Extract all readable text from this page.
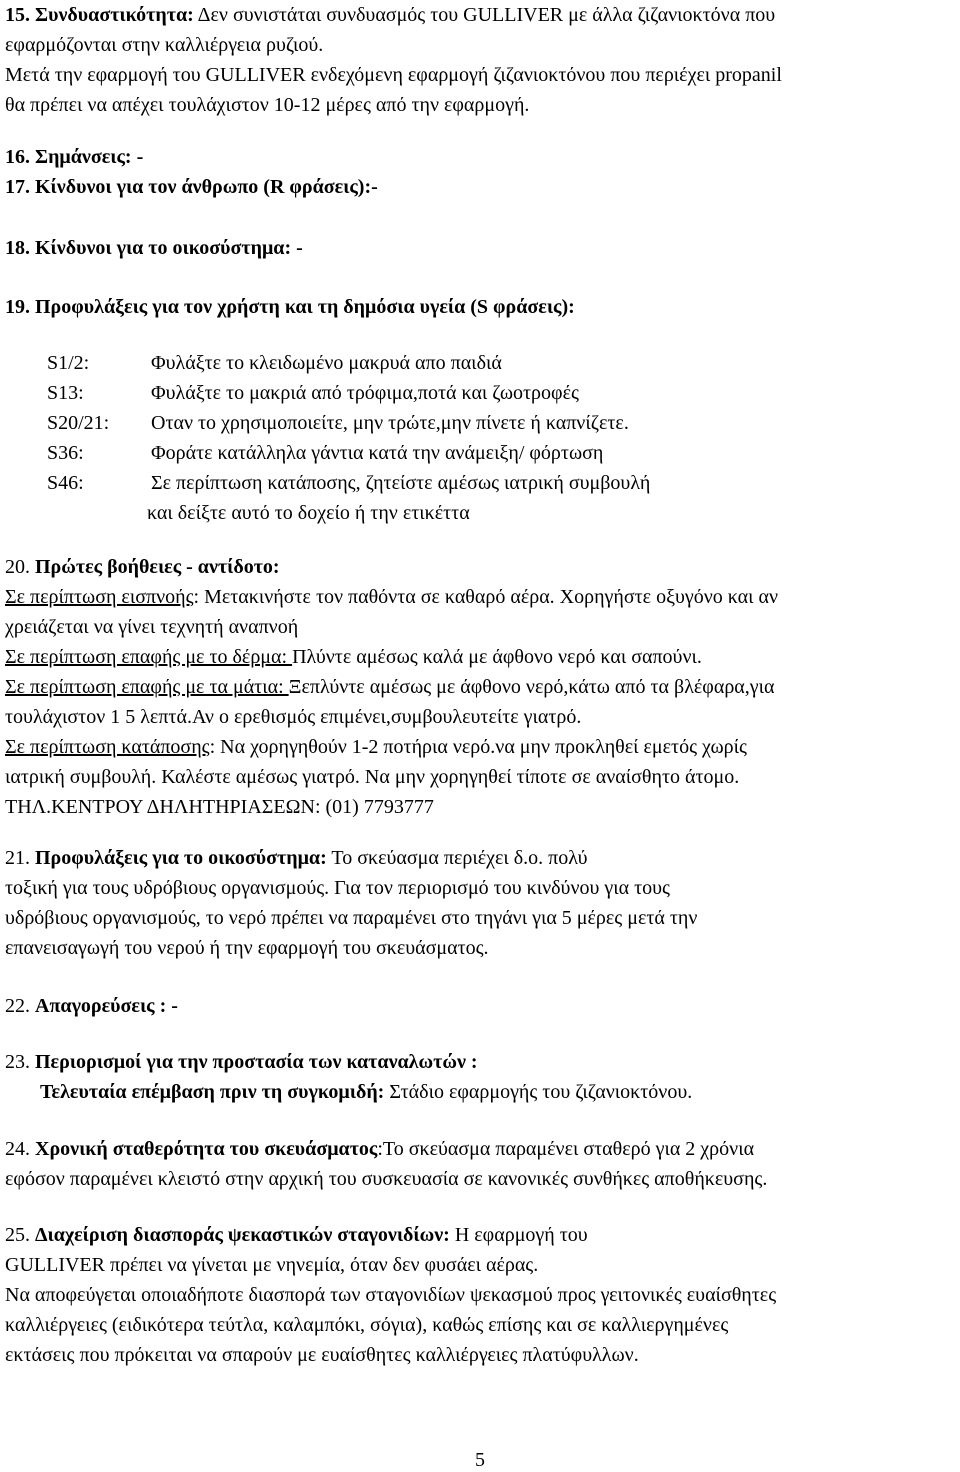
15. Συνδυαστικότητα: Δεν συνιστάται συνδυασμός του GULLIVER με άλλα ζιζανιοκτόνα που
εφαρμόζονται στην καλλιέργεια ρυζιού.
Μετά την εφαρμογή του GULLIVER ενδεχόμενη εφαρμογή ζιζανιοκτόνου που περιέχει propanil
θα πρέπει να απέχει τουλάχιστον 10-12 μέρες από την εφαρμογή.
16. Σημάνσεις: -
17. Κίνδυνοι για τον άνθρωπο (R φράσεις):-
18. Κίνδυνοι για το οικοσύστημα: -
19. Προφυλάξεις για τον χρήστη και τη δημόσια υγεία (S φράσεις):
S1/2:	Φυλάξτε το κλειδωμένο μακρυά απο παιδιά
S13:	Φυλάξτε το μακριά από τρόφιμα,ποτά και ζωοτροφές
S20/21: Οταν το χρησιμοποιείτε, μην τρώτε,μην πίνετε ή καπνίζετε.
S36:	Φοράτε κατάλληλα γάντια κατά την ανάμειξη/ φόρτωση
S46:	Σε περίπτωση κατάποσης, ζητείστε αμέσως ιατρική συμβουλή
και δείξτε αυτό το δοχείο ή την ετικέττα
20. Πρώτες βοήθειες - αντίδοτο:
Σε περίπτωση εισπνοής: Μετακινήστε τον παθόντα σε καθαρό αέρα. Χορηγήστε οξυγόνο και αν
χρειάζεται να γίνει τεχνητή αναπνοή
Σε περίπτωση επαφής με το δέρμα: Πλύντε αμέσως καλά με άφθονο νερό και σαπούνι.
Σε περίπτωση επαφής με τα μάτια: Ξεπλύντε αμέσως με άφθονο νερό,κάτω από τα βλέφαρα,για
τουλάχιστον 1 5 λεπτά.Αν ο ερεθισμός επιμένει,συμβουλευτείτε γιατρό.
Σε περίπτωση κατάποσης: Να χορηγηθούν 1-2 ποτήρια νερό.να μην προκληθεί εμετός χωρίς
ιατρική συμβουλή. Καλέστε αμέσως γιατρό. Να μην χορηγηθεί τίποτε σε αναίσθητο άτομο.
ΤΗΛ.ΚΕΝΤΡΟΥ ΔΗΛΗΤΗΡΙΑΣΕΩΝ: (01) 7793777
21. Προφυλάξεις για το οικοσύστημα: Το σκεύασμα περιέχει δ.ο. πολύ
τοξική για τους υδρόβιους οργανισμούς. Για τον περιορισμό του κινδύνου για τους
υδρόβιους οργανισμούς, το νερό πρέπει να παραμένει στο τηγάνι για 5 μέρες μετά την
επανεισαγωγή του νερού ή την εφαρμογή του σκευάσματος.
22. Απαγορεύσεις : -
23. Περιορισμοί για την προστασία των καταναλωτών :
Τελευταία επέμβαση πριν τη συγκομιδή: Στάδιο εφαρμογής του ζιζανιοκτόνου.
24. Χρονική σταθερότητα του σκευάσματος:Το σκεύασμα παραμένει σταθερό για 2 χρόνια
εφόσον παραμένει κλειστό στην αρχική του συσκευασία σε κανονικές συνθήκες αποθήκευσης.
25. Διαχείριση διασποράς ψεκαστικών σταγονιδίων: Η εφαρμογή του
GULLIVER πρέπει να γίνεται με νηνεμία, όταν δεν φυσάει αέρας.
Να αποφεύγεται οποιαδήποτε διασπορά των σταγονιδίων ψεκασμού προς γειτονικές ευαίσθητες
καλλιέργειες (ειδικότερα τεύτλα, καλαμπόκι, σόγια), καθώς επίσης και σε καλλιεργημένες
εκτάσεις που πρόκειται να σπαρούν με ευαίσθητες καλλιέργειες πλατύφυλλων.
5
